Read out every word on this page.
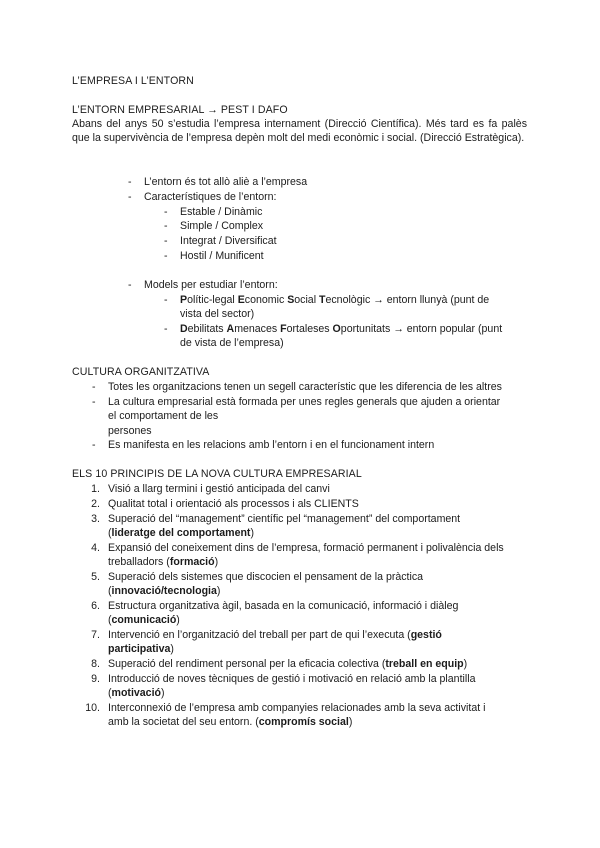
L’EMPRESA I L’ENTORN
L’ENTORN EMPRESARIAL → PEST I DAFO
Abans del anys 50 s’estudia l’empresa internament (Direcció Científica). Més tard es fa palès que la supervivència de l’empresa depèn molt del medi econòmic i social. (Direcció Estratègica).
- L’entorn és tot allò aliè a l’empresa
- Característiques de l’entorn:
- Estable / Dinàmic
- Simple / Complex
- Integrat / Diversificat
- Hostil / Munificent
- Models per estudiar l’entorn:
- Polític-legal Economic Social Tecnològic → entorn llunyà (punt de
vista del sector)
- Debilitats Amenaces Fortaleses Oportunitats → entorn popular (punt
de vista de l’empresa)
CULTURA ORGANITZATIVA
- Totes les organitzacions tenen un segell característic que les diferencia de les altres
- La cultura empresarial està formada per unes regles generals que ajuden a orientar
el comportament de les
persones
- Es manifesta en les relacions amb l’entorn i en el funcionament intern
ELS 10 PRINCIPIS DE LA NOVA CULTURA EMPRESARIAL
1. Visió a llarg termini i gestió anticipada del canvi
2. Qualitat total i orientació als processos i als CLIENTS
3. Superació del “management” científic pel “management” del comportament
(lideratge del comportament)
4. Expansió del coneixement dins de l’empresa, formació permanent i polivalència dels
treballadors (formació)
5. Superació dels sistemes que discocien el pensament de la pràctica
(innovació/tecnologia)
6. Estructura organitzativa àgil, basada en la comunicació, informació i diàleg
(comunicació)
7. Intervenció en l’organització del treball per part de qui l’executa (gestió
participativa)
8. Superació del rendiment personal per la eficacia colectiva (treball en equip)
9. Introducció de noves tècniques de gestió i motivació en relació amb la plantilla
(motivació)
10. Interconnexió de l’empresa amb companyies relacionades amb la seva activitat i
amb la societat del seu entorn. (compromís social)
